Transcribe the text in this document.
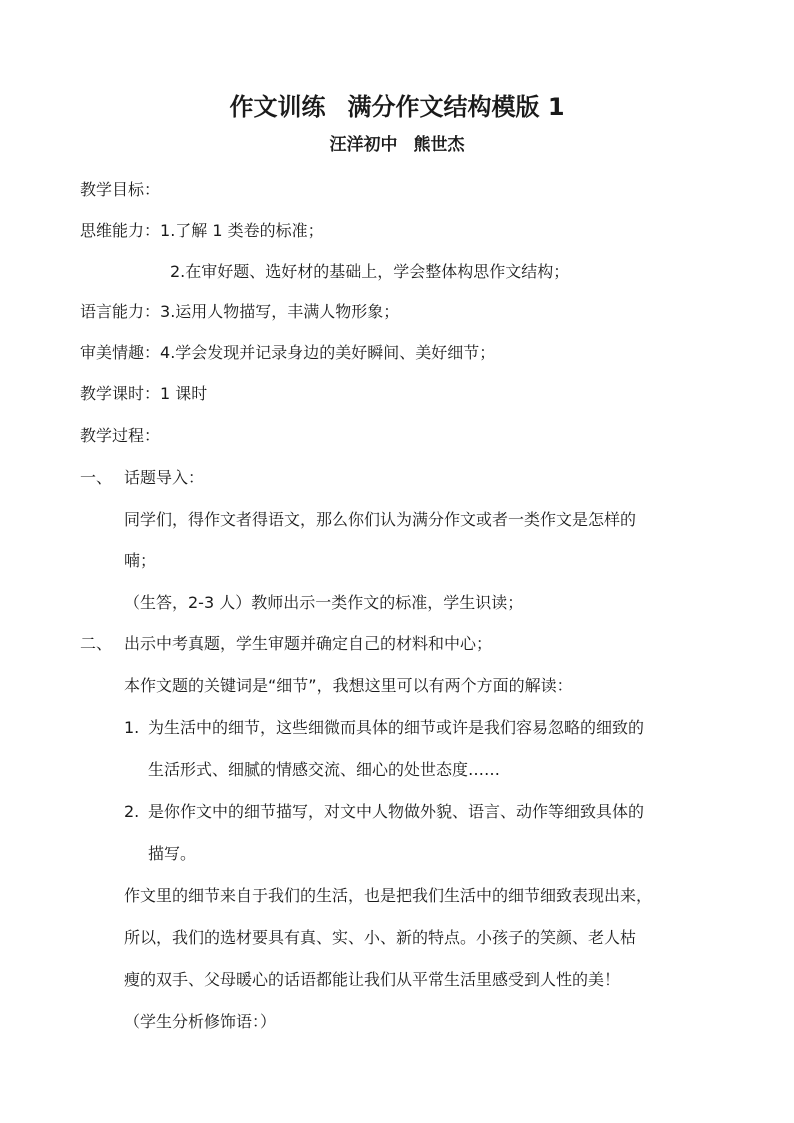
作文训练 满分作文结构模版 1
汪洋初中 熊世杰
教学目标：
思维能力：1.了解 1 类卷的标准；
2.在审好题、选好材的基础上，学会整体构思作文结构；
语言能力：3.运用人物描写，丰满人物形象；
审美情趣：4.学会发现并记录身边的美好瞬间、美好细节；
教学课时：1 课时
教学过程：
一、 话题导入：
同学们，得作文者得语文，那么你们认为满分作文或者一类作文是怎样的
喃；
（生答，2-3 人）教师出示一类作文的标准，学生识读；
二、 出示中考真题，学生审题并确定自己的材料和中心；
本作文题的关键词是“细节”，我想这里可以有两个方面的解读：
1. 为生活中的细节，这些细微而具体的细节或许是我们容易忽略的细致的
生活形式、细腻的情感交流、细心的处世态度……
2. 是你作文中的细节描写，对文中人物做外貌、语言、动作等细致具体的
描写。
作文里的细节来自于我们的生活，也是把我们生活中的细节细致表现出来，
所以，我们的选材要具有真、实、小、新的特点。小孩子的笑颜、老人枯
瘦的双手、父母暖心的话语都能让我们从平常生活里感受到人性的美！
（学生分析修饰语：）
